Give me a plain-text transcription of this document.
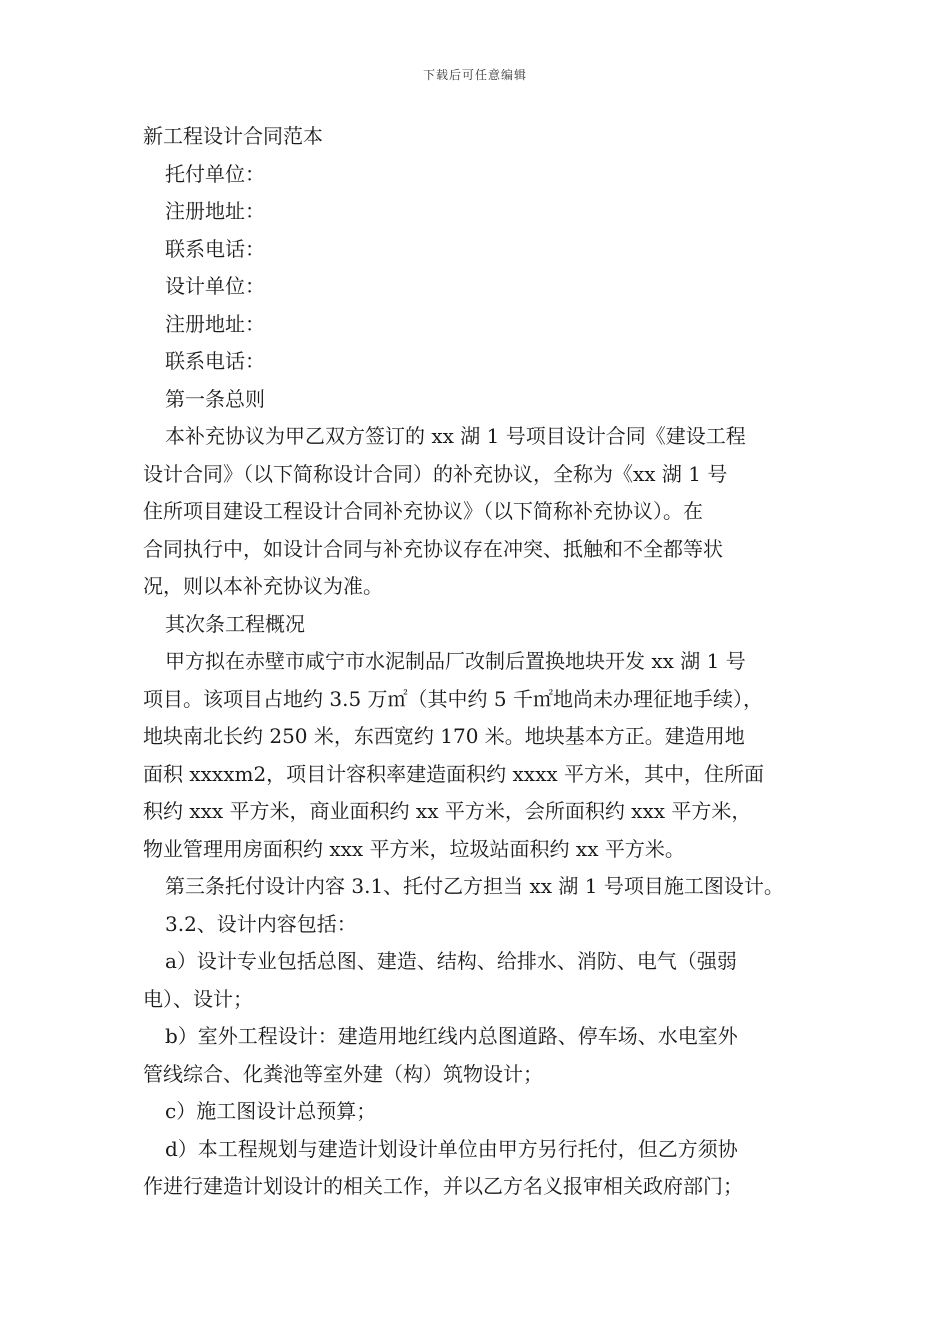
下载后可任意编辑

新工程设计合同范本

托付单位：

注册地址：

联系电话：

设计单位：

注册地址：

联系电话：

第一条总则

本补充协议为甲乙双方签订的 xx 湖 1 号项目设计合同《建设工程

设计合同》（以下简称设计合同）的补充协议，全称为《xx 湖 1 号

住所项目建设工程设计合同补充协议》（以下简称补充协议）。在

合同执行中，如设计合同与补充协议存在冲突、抵触和不全都等状

况，则以本补充协议为准。

其次条工程概况

甲方拟在赤壁市咸宁市水泥制品厂改制后置换地块开发 xx 湖 1 号

项目。该项目占地约 3.5 万㎡（其中约 5 千㎡地尚未办理征地手续），

地块南北长约 250 米，东西宽约 170 米。地块基本方正。建造用地

面积 xxxxm2，项目计容积率建造面积约 xxxx 平方米，其中，住所面

积约 xxx 平方米，商业面积约 xx 平方米，会所面积约 xxx 平方米，

物业管理用房面积约 xxx 平方米，垃圾站面积约 xx 平方米。

第三条托付设计内容 3.1、托付乙方担当 xx 湖 1 号项目施工图设计。

3.2、设计内容包括：

a）设计专业包括总图、建造、结构、给排水、消防、电气（强弱

电）、设计；

b）室外工程设计：建造用地红线内总图道路、停车场、水电室外

管线综合、化粪池等室外建（构）筑物设计；

c）施工图设计总预算；

d）本工程规划与建造计划设计单位由甲方另行托付，但乙方须协

作进行建造计划设计的相关工作，并以乙方名义报审相关政府部门；
